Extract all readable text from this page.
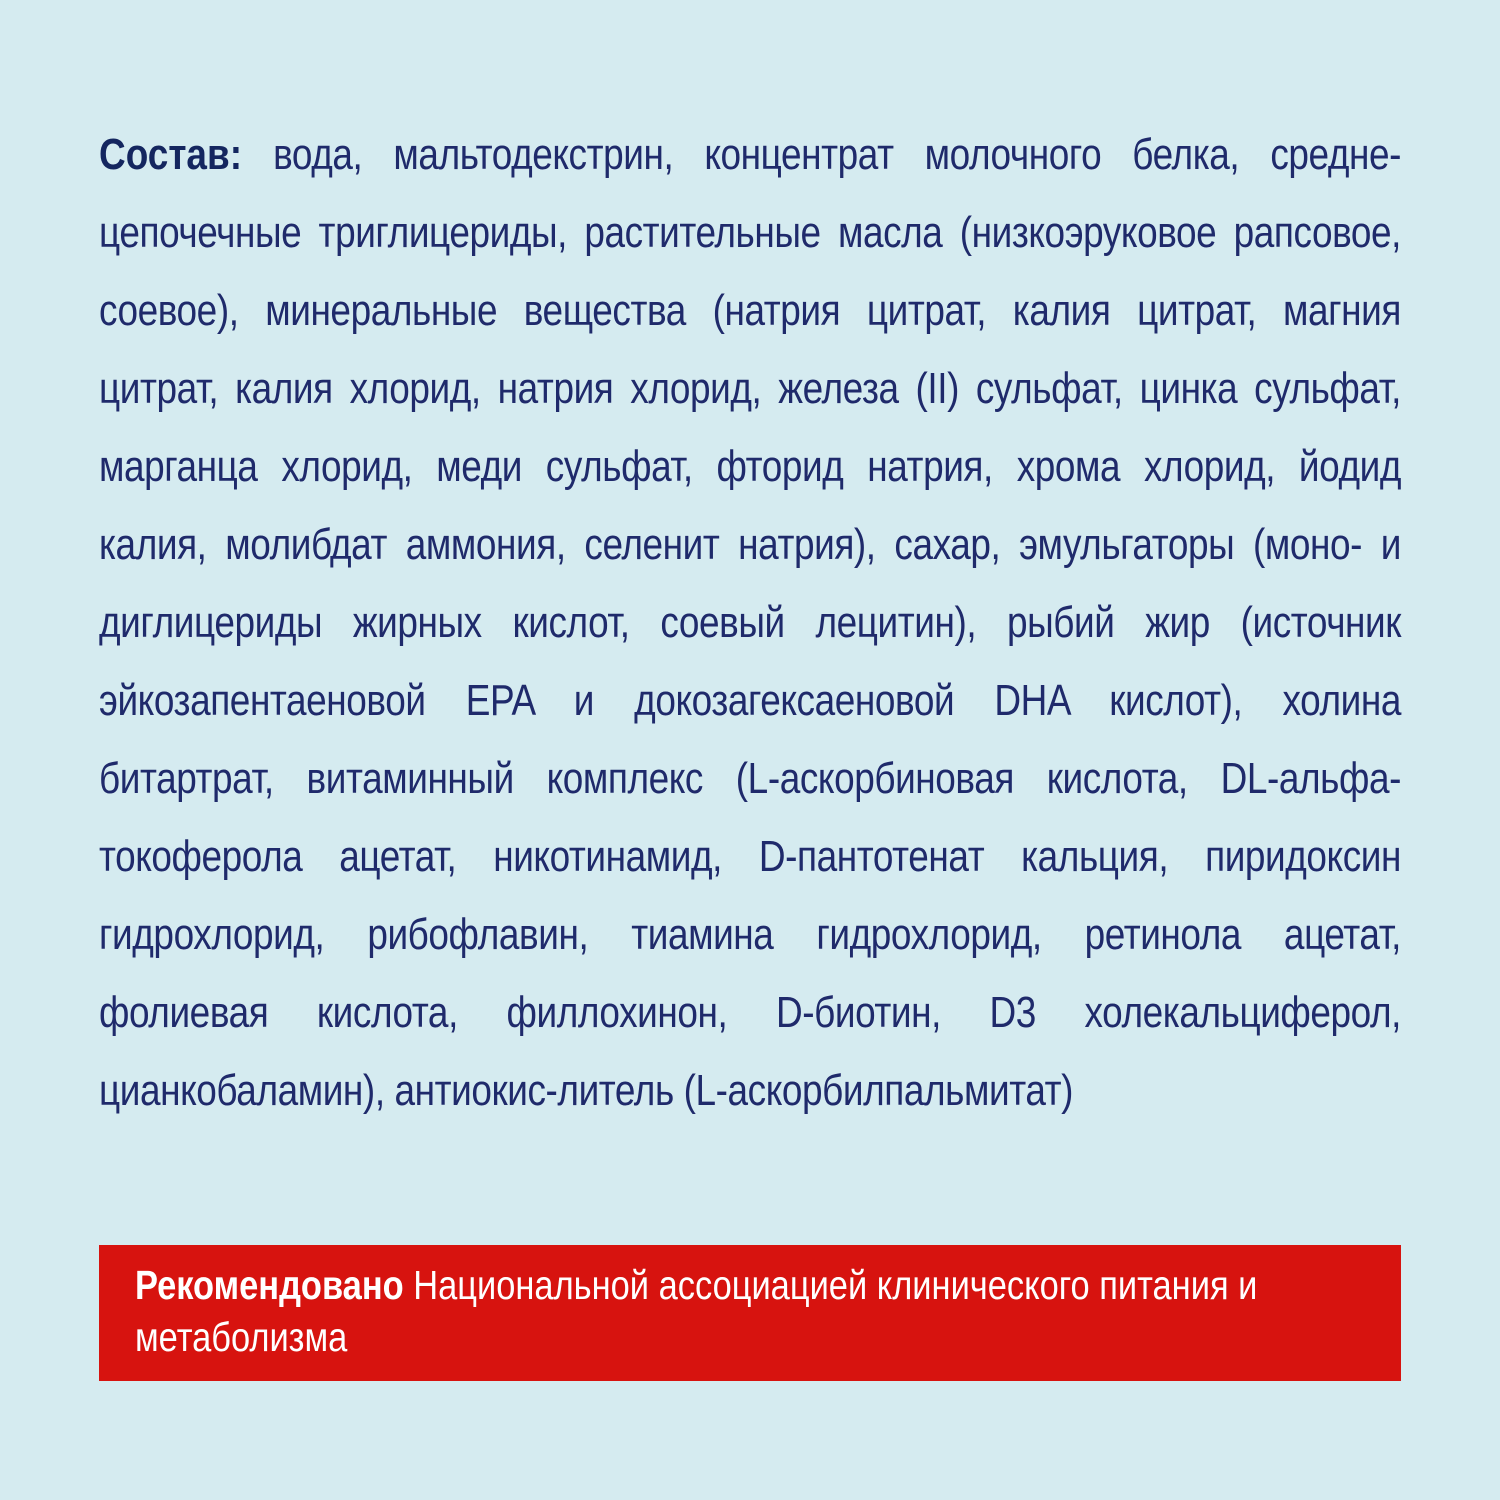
Состав: вода, мальтодекстрин, концентрат молочного белка, средне-цепочечные триглицериды, растительные масла (низкоэруковое рапсовое, соевое), минеральные вещества (натрия цитрат, калия цитрат, магния цитрат, калия хлорид, натрия хлорид, железа (II) сульфат, цинка сульфат, марганца хлорид, меди сульфат, фторид натрия, хрома хлорид, йодид калия, молибдат аммония, селенит натрия), сахар, эмульгаторы (моно- и диглицериды жирных кислот, соевый лецитин), рыбий жир (источник эйкозапентаеновой EPA и докозагексаеновой DHA кислот), холина битартрат, витаминный комплекс (L-аскорбиновая кислота, DL-альфа-токоферола ацетат, никотинамид, D-пантотенат кальция, пиридоксин гидрохлорид, рибофлавин, тиамина гидрохлорид, ретинола ацетат, фолиевая кислота, филлохинон, D-биотин, D3 холекальциферол, цианкобаламин), антиокис-литель (L-аскорбилпальмитат)

Рекомендовано Национальной ассоциацией клинического питания и метаболизма
